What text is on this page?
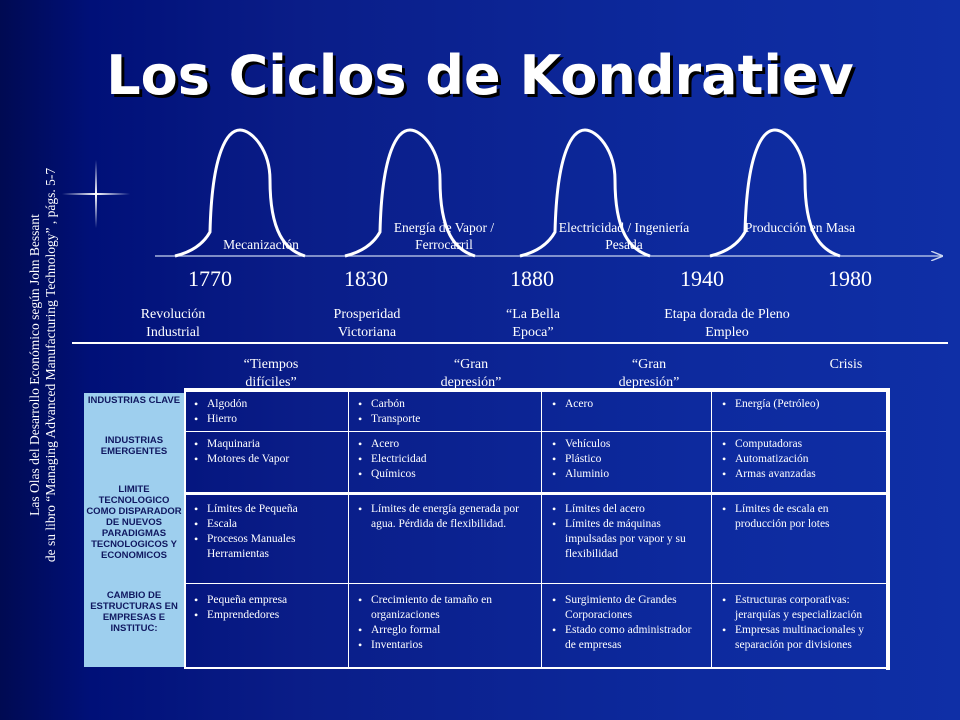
Los Ciclos de Kondratiev
Las Olas del Desarrollo Económico según John Bessant de su libro “Managing Advanced Manufacturing Technology” , págs. 5-7	Mecanización
Energía de Vapor / Ferrocarril
Electricidad / Ingeniería Pesada
Producción en Masa
1770	1830	1880	1940	1980
Revolución Industrial
Prosperidad Victoriana
“La Bella Epoca”
Etapa dorada de Pleno Empleo
“Tiempos difíciles”
“Gran depresión”
“Gran depresión”
Crisis
INDUSTRIAS CLAVE
INDUSTRIAS EMERGENTES
LIMITE TECNOLOGICO COMO DISPARADOR DE NUEVOS PARADIGMAS TECNOLOGICOS Y ECONOMICOS
CAMBIO DE ESTRUCTURAS EN EMPRESAS E INSTITUC:
• Algodón
• Hierro
• Carbón
• Transporte
• Acero
•	Energía (Petróleo)
• Maquinaria
• Motores de Vapor
• Acero
• Electricidad
• Químicos
• Vehículos
• Plástico
• Aluminio
• Computadoras
• Automatización
• Armas avanzadas
• Límites de Pequeña
• Escala
• Procesos Manuales Herramientas
• Límites de energía generada por agua. Pérdida de flexibilidad.
• Límites del acero
• Límites de máquinas impulsadas por vapor y su flexibilidad
• Límites de escala en producción por lotes
• Pequeña empresa
• Emprendedores
• Crecimiento de tamaño en organizaciones
• Arreglo formal
• Inventarios
• Surgimiento de Grandes Corporaciones
• Estado como administrador de empresas
• Estructuras corporativas: jerarquías y especialización
• Empresas multinacionales y separación por divisiones
